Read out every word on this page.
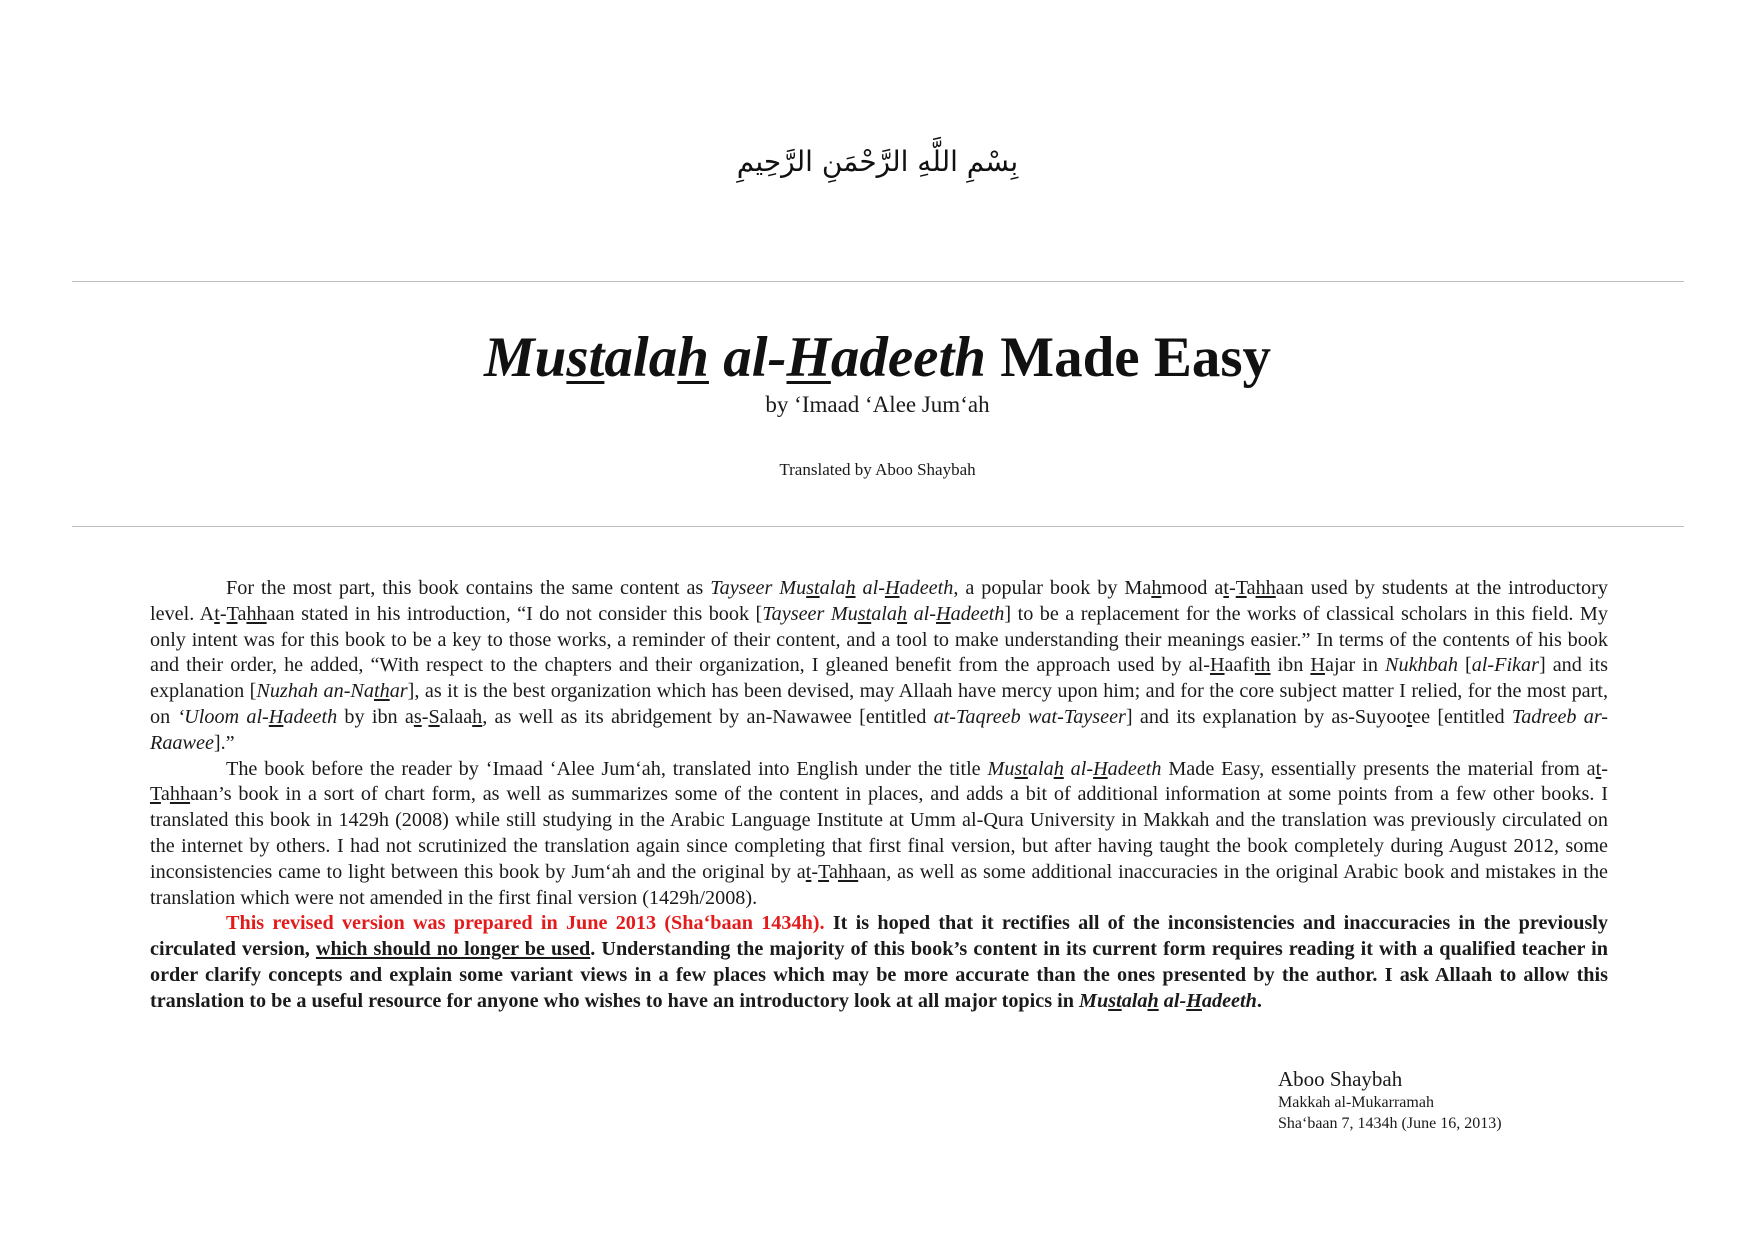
بِسْمِ اللَّهِ الرَّحْمَنِ الرَّحِيمِ
Mustalah al-Hadeeth Made Easy
by ‘Imaad ‘Alee Jum‘ah
Translated by Aboo Shaybah

For the most part, this book contains the same content as Tayseer Mustalah al-Hadeeth, a popular book by Mahmood at-Tahhaan used by students at the introductory level. At-Tahhaan stated in his introduction, “I do not consider this book [Tayseer Mustalah al-Hadeeth] to be a replacement for the works of classical scholars in this field. My only intent was for this book to be a key to those works, a reminder of their content, and a tool to make understanding their meanings easier.” In terms of the contents of his book and their order, he added, “With respect to the chapters and their organization, I gleaned benefit from the approach used by al-Haafith ibn Hajar in Nukhbah [al-Fikar] and its explanation [Nuzhah an-Nathar], as it is the best organization which has been devised, may Allaah have mercy upon him; and for the core subject matter I relied, for the most part, on ‘Uloom al-Hadeeth by ibn as-Salaah, as well as its abridgement by an-Nawawee [entitled at-Taqreeb wat-Tayseer] and its explanation by as-Suyootee [entitled Tadreeb ar-Raawee].”

The book before the reader by ‘Imaad ‘Alee Jum‘ah, translated into English under the title Mustalah al-Hadeeth Made Easy, essentially presents the material from at-Tahhaan’s book in a sort of chart form, as well as summarizes some of the content in places, and adds a bit of additional information at some points from a few other books. I translated this book in 1429h (2008) while still studying in the Arabic Language Institute at Umm al-Qura University in Makkah and the translation was previously circulated on the internet by others. I had not scrutinized the translation again since completing that first final version, but after having taught the book completely during August 2012, some inconsistencies came to light between this book by Jum‘ah and the original by at-Tahhaan, as well as some additional inaccuracies in the original Arabic book and mistakes in the translation which were not amended in the first final version (1429h/2008).

This revised version was prepared in June 2013 (Sha‘baan 1434h). It is hoped that it rectifies all of the inconsistencies and inaccuracies in the previously circulated version, which should no longer be used. Understanding the majority of this book’s content in its current form requires reading it with a qualified teacher in order clarify concepts and explain some variant views in a few places which may be more accurate than the ones presented by the author. I ask Allaah to allow this translation to be a useful resource for anyone who wishes to have an introductory look at all major topics in Mustalah al-Hadeeth.

Aboo Shaybah
Makkah al-Mukarramah
Sha‘baan 7, 1434h (June 16, 2013)
